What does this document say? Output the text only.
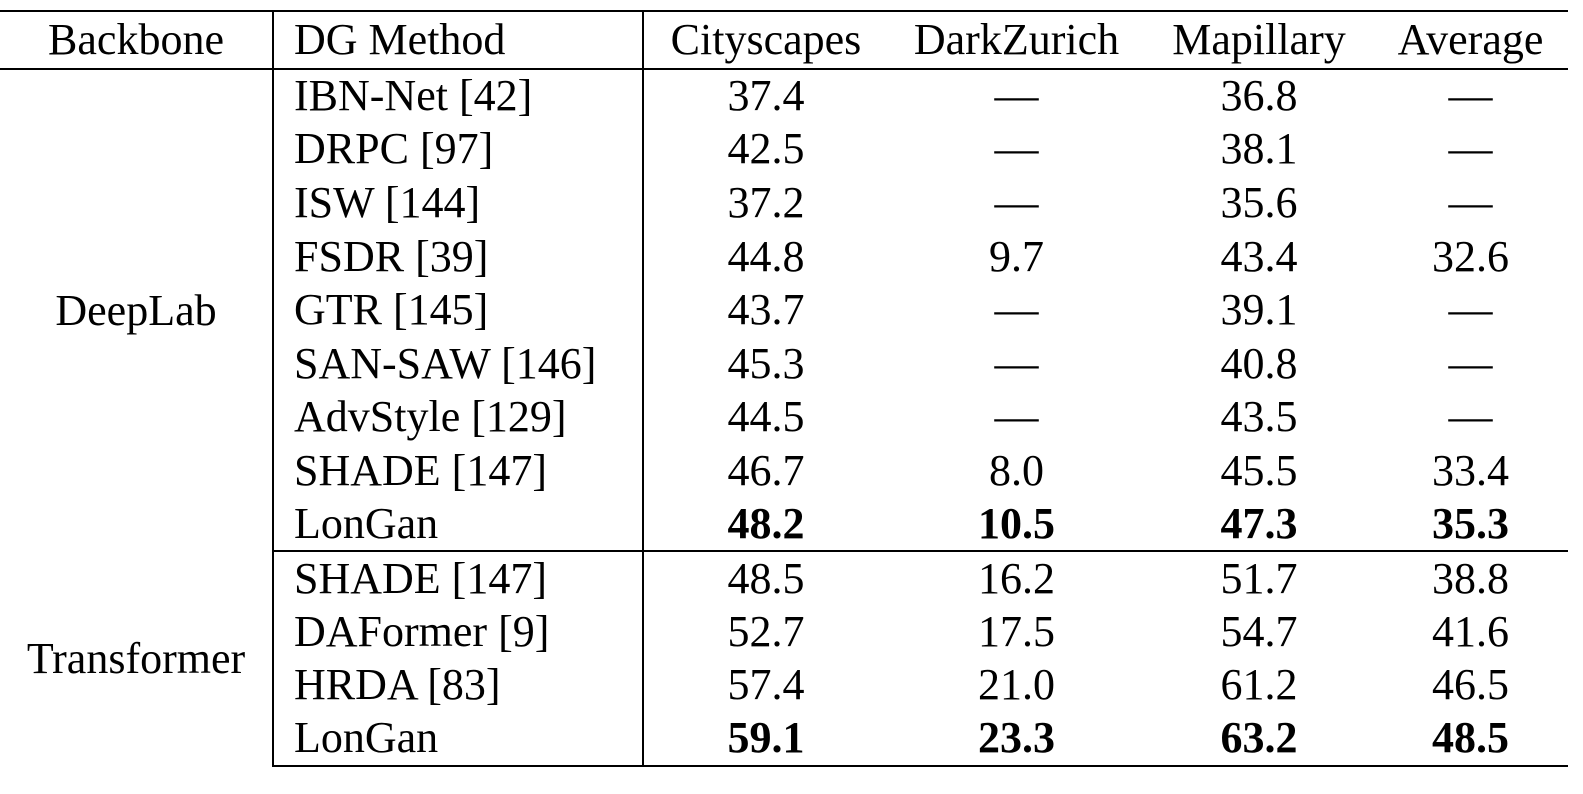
Backbone	DG Method	Cityscapes	DarkZurich	Mapillary	Average
DeepLab	IBN-Net [42]	37.4	—	36.8	—
	DRPC [97]	42.5	—	38.1	—
	ISW [144]	37.2	—	35.6	—
	FSDR [39]	44.8	9.7	43.4	32.6
	GTR [145]	43.7	—	39.1	—
	SAN-SAW [146]	45.3	—	40.8	—
	AdvStyle [129]	44.5	—	43.5	—
	SHADE [147]	46.7	8.0	45.5	33.4
	LonGan	48.2	10.5	47.3	35.3
Transformer	SHADE [147]	48.5	16.2	51.7	38.8
	DAFormer [9]	52.7	17.5	54.7	41.6
	HRDA [83]	57.4	21.0	61.2	46.5
	LonGan	59.1	23.3	63.2	48.5
